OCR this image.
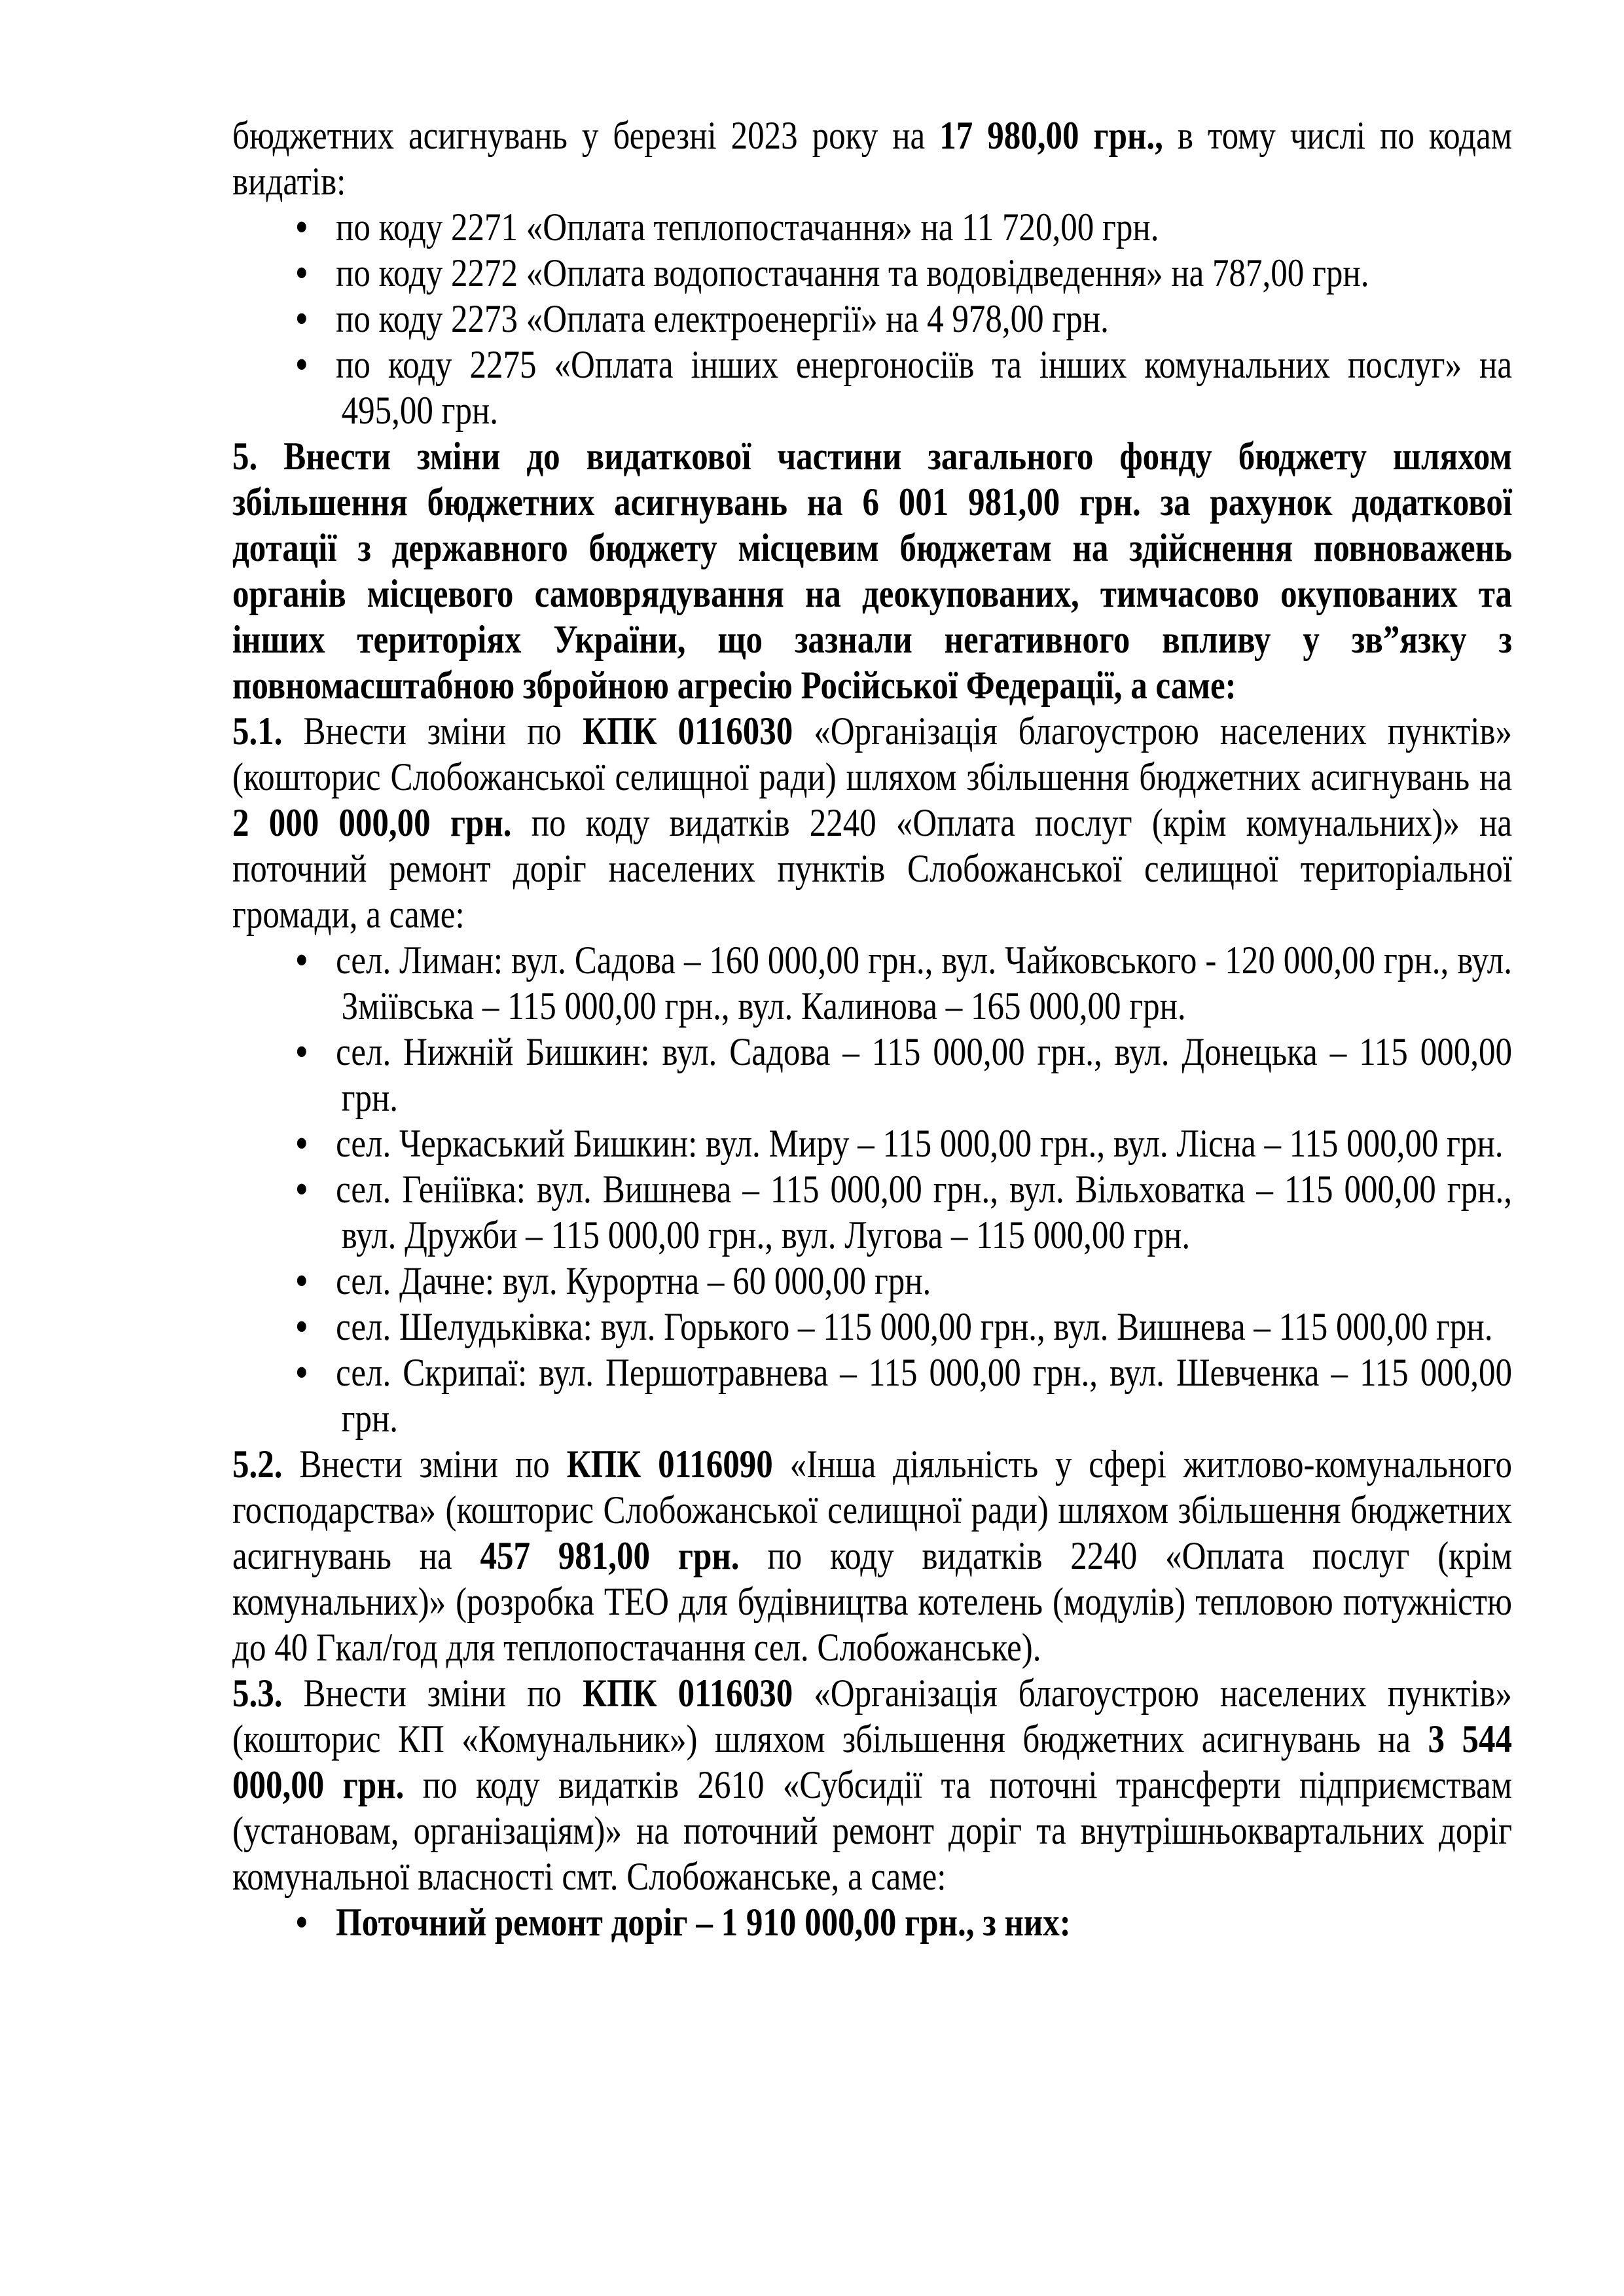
бюджетних асигнувань у березні 2023 року на 17 980,00 грн., в тому числі по кодам видатів:

• по коду 2271 «Оплата теплопостачання» на 11 720,00 грн.
• по коду 2272 «Оплата водопостачання та водовідведення» на 787,00 грн.
• по коду 2273 «Оплата електроенергії» на 4 978,00 грн.
• по коду 2275 «Оплата інших енергоносіїв та інших комунальних послуг» на 495,00 грн.

5. Внести зміни до видаткової частини загального фонду бюджету шляхом збільшення бюджетних асигнувань на 6 001 981,00 грн. за рахунок додаткової дотації з державного бюджету місцевим бюджетам на здійснення повноважень органів місцевого самоврядування на деокупованих, тимчасово окупованих та інших територіях України, що зазнали негативного впливу у зв”язку з повномасштабною збройною агресію Російської Федерації, а саме:

5.1. Внести зміни по КПК 0116030 «Організація благоустрою населених пунктів» (кошторис Слобожанської селищної ради) шляхом збільшення бюджетних асигнувань на 2 000 000,00 грн. по коду видатків 2240 «Оплата послуг (крім комунальних)» на поточний ремонт доріг населених пунктів Слобожанської селищної територіальної громади, а саме:

• сел. Лиман: вул. Садова – 160 000,00 грн., вул. Чайковського - 120 000,00 грн., вул. Зміївська – 115 000,00 грн., вул. Калинова – 165 000,00 грн.
• сел. Нижній Бишкин: вул. Садова – 115 000,00 грн., вул. Донецька – 115 000,00 грн.
• сел. Черкаський Бишкин: вул. Миру – 115 000,00 грн., вул. Лісна – 115 000,00 грн.
• сел. Геніївка: вул. Вишнева – 115 000,00 грн., вул. Вільховатка – 115 000,00 грн., вул. Дружби – 115 000,00 грн., вул. Лугова – 115 000,00 грн.
• сел. Дачне: вул. Курортна – 60 000,00 грн.
• сел. Шелудьківка: вул. Горького – 115 000,00 грн., вул. Вишнева – 115 000,00 грн.
• сел. Скрипаї: вул. Першотравнева – 115 000,00 грн., вул. Шевченка – 115 000,00 грн.

5.2. Внести зміни по КПК 0116090 «Інша діяльність у сфері житлово-комунального господарства» (кошторис Слобожанської селищної ради) шляхом збільшення бюджетних асигнувань на 457 981,00 грн. по коду видатків 2240 «Оплата послуг (крім комунальних)» (розробка ТЕО для будівництва котелень (модулів) тепловою потужністю до 40 Гкал/год для теплопостачання сел. Слобожанське).

5.3. Внести зміни по КПК 0116030 «Організація благоустрою населених пунктів» (кошторис КП «Комунальник») шляхом збільшення бюджетних асигнувань на 3 544 000,00 грн. по коду видатків 2610 «Субсидії та поточні трансферти підприємствам (установам, організаціям)» на поточний ремонт доріг та внутрішньоквартальних доріг комунальної власності смт. Слобожанське, а саме:

• Поточний ремонт доріг – 1 910 000,00 грн., з них:
